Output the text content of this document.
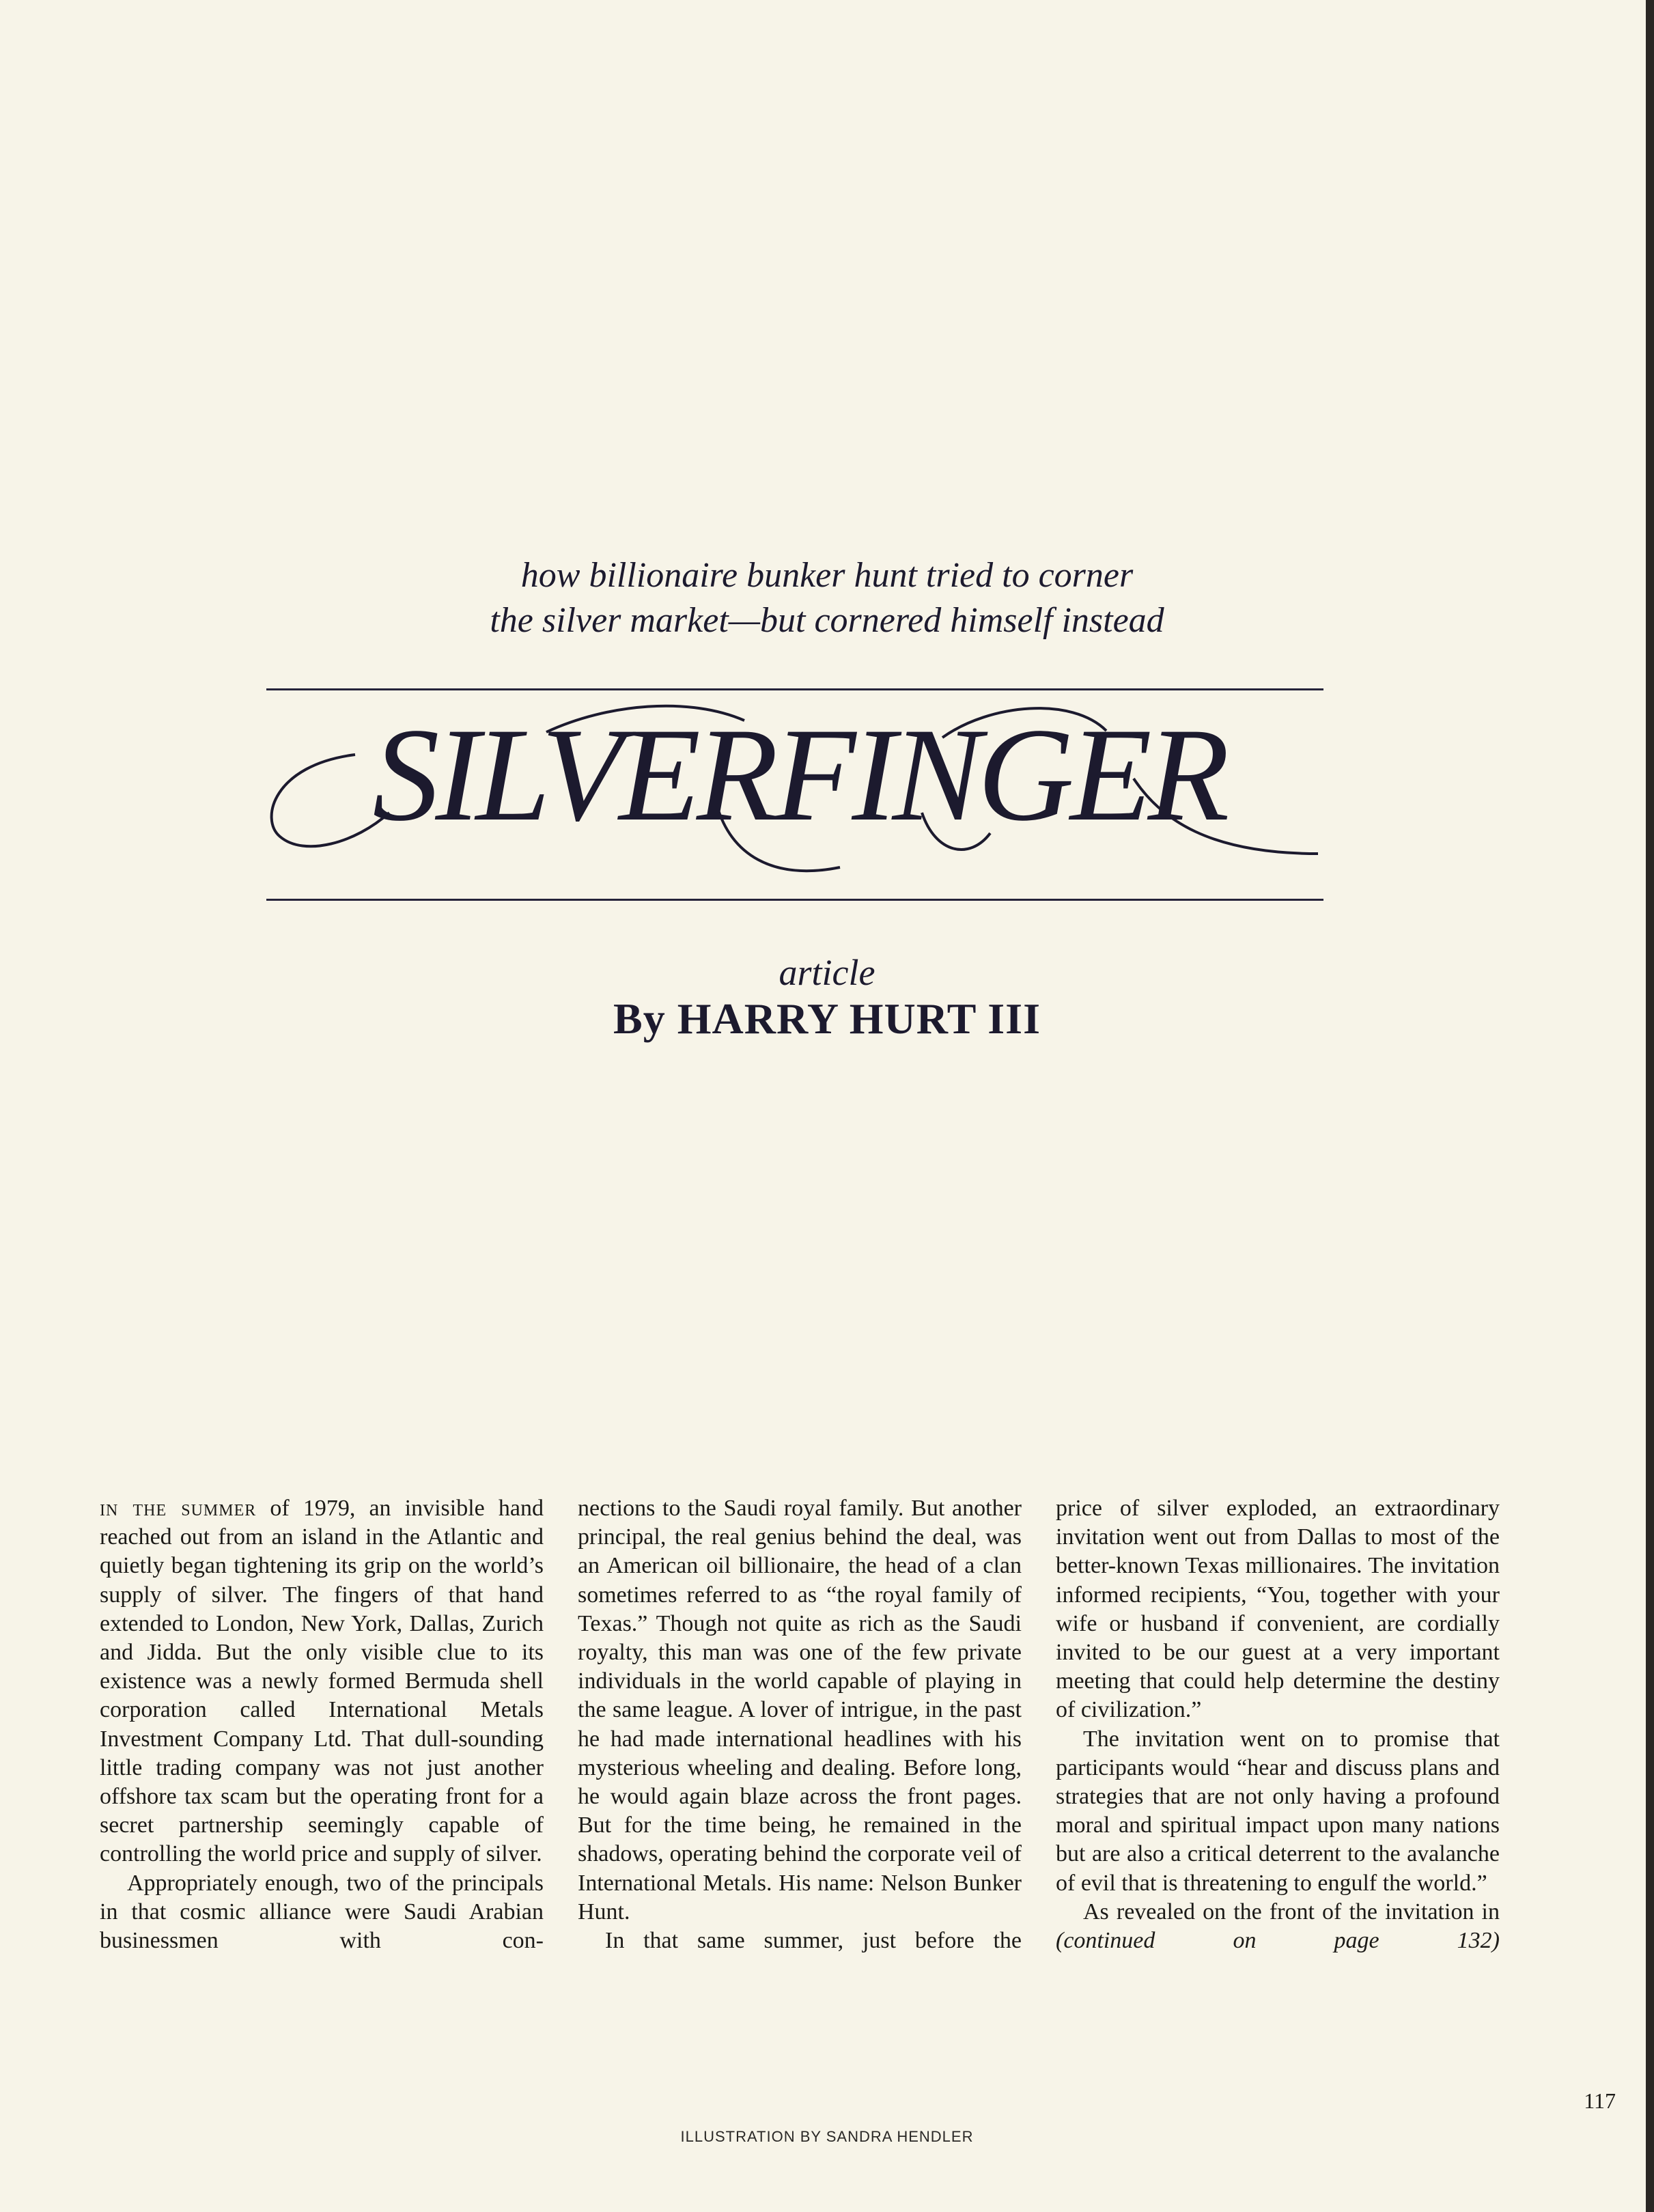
how billionaire bunker hunt tried to corner
the silver market—but cornered himself instead
SILVERFINGER
article
By HARRY HURT III

in the summer of 1979, an invisible hand reached out from an island in the Atlantic and quietly began tightening its grip on the world’s supply of silver. The fingers of that hand extended to London, New York, Dallas, Zurich and Jidda. But the only visible clue to its existence was a newly formed Bermuda shell corporation called International Metals Investment Company Ltd. That dull-sounding little trading company was not just another offshore tax scam but the operating front for a secret partnership seemingly capable of controlling the world price and supply of silver.

Appropriately enough, two of the principals in that cosmic alliance were Saudi Arabian businessmen with con-

nections to the Saudi royal family. But another principal, the real genius behind the deal, was an American oil billionaire, the head of a clan sometimes referred to as “the royal family of Texas.” Though not quite as rich as the Saudi royalty, this man was one of the few private individuals in the world capable of playing in the same league. A lover of intrigue, in the past he had made international headlines with his mysterious wheeling and dealing. Before long, he would again blaze across the front pages. But for the time being, he remained in the shadows, operating behind the corporate veil of International Metals. His name: Nelson Bunker Hunt.

In that same summer, just before the

price of silver exploded, an extraordinary invitation went out from Dallas to most of the better-known Texas millionaires. The invitation informed recipients, “You, together with your wife or husband if convenient, are cordially invited to be our guest at a very important meeting that could help determine the destiny of civilization.”

The invitation went on to promise that participants would “hear and discuss plans and strategies that are not only having a profound moral and spiritual impact upon many nations but are also a critical deterrent to the avalanche of evil that is threatening to engulf the world.”

As revealed on the front of the invitation in (continued on page 132)

117
ILLUSTRATION BY SANDRA HENDLER
